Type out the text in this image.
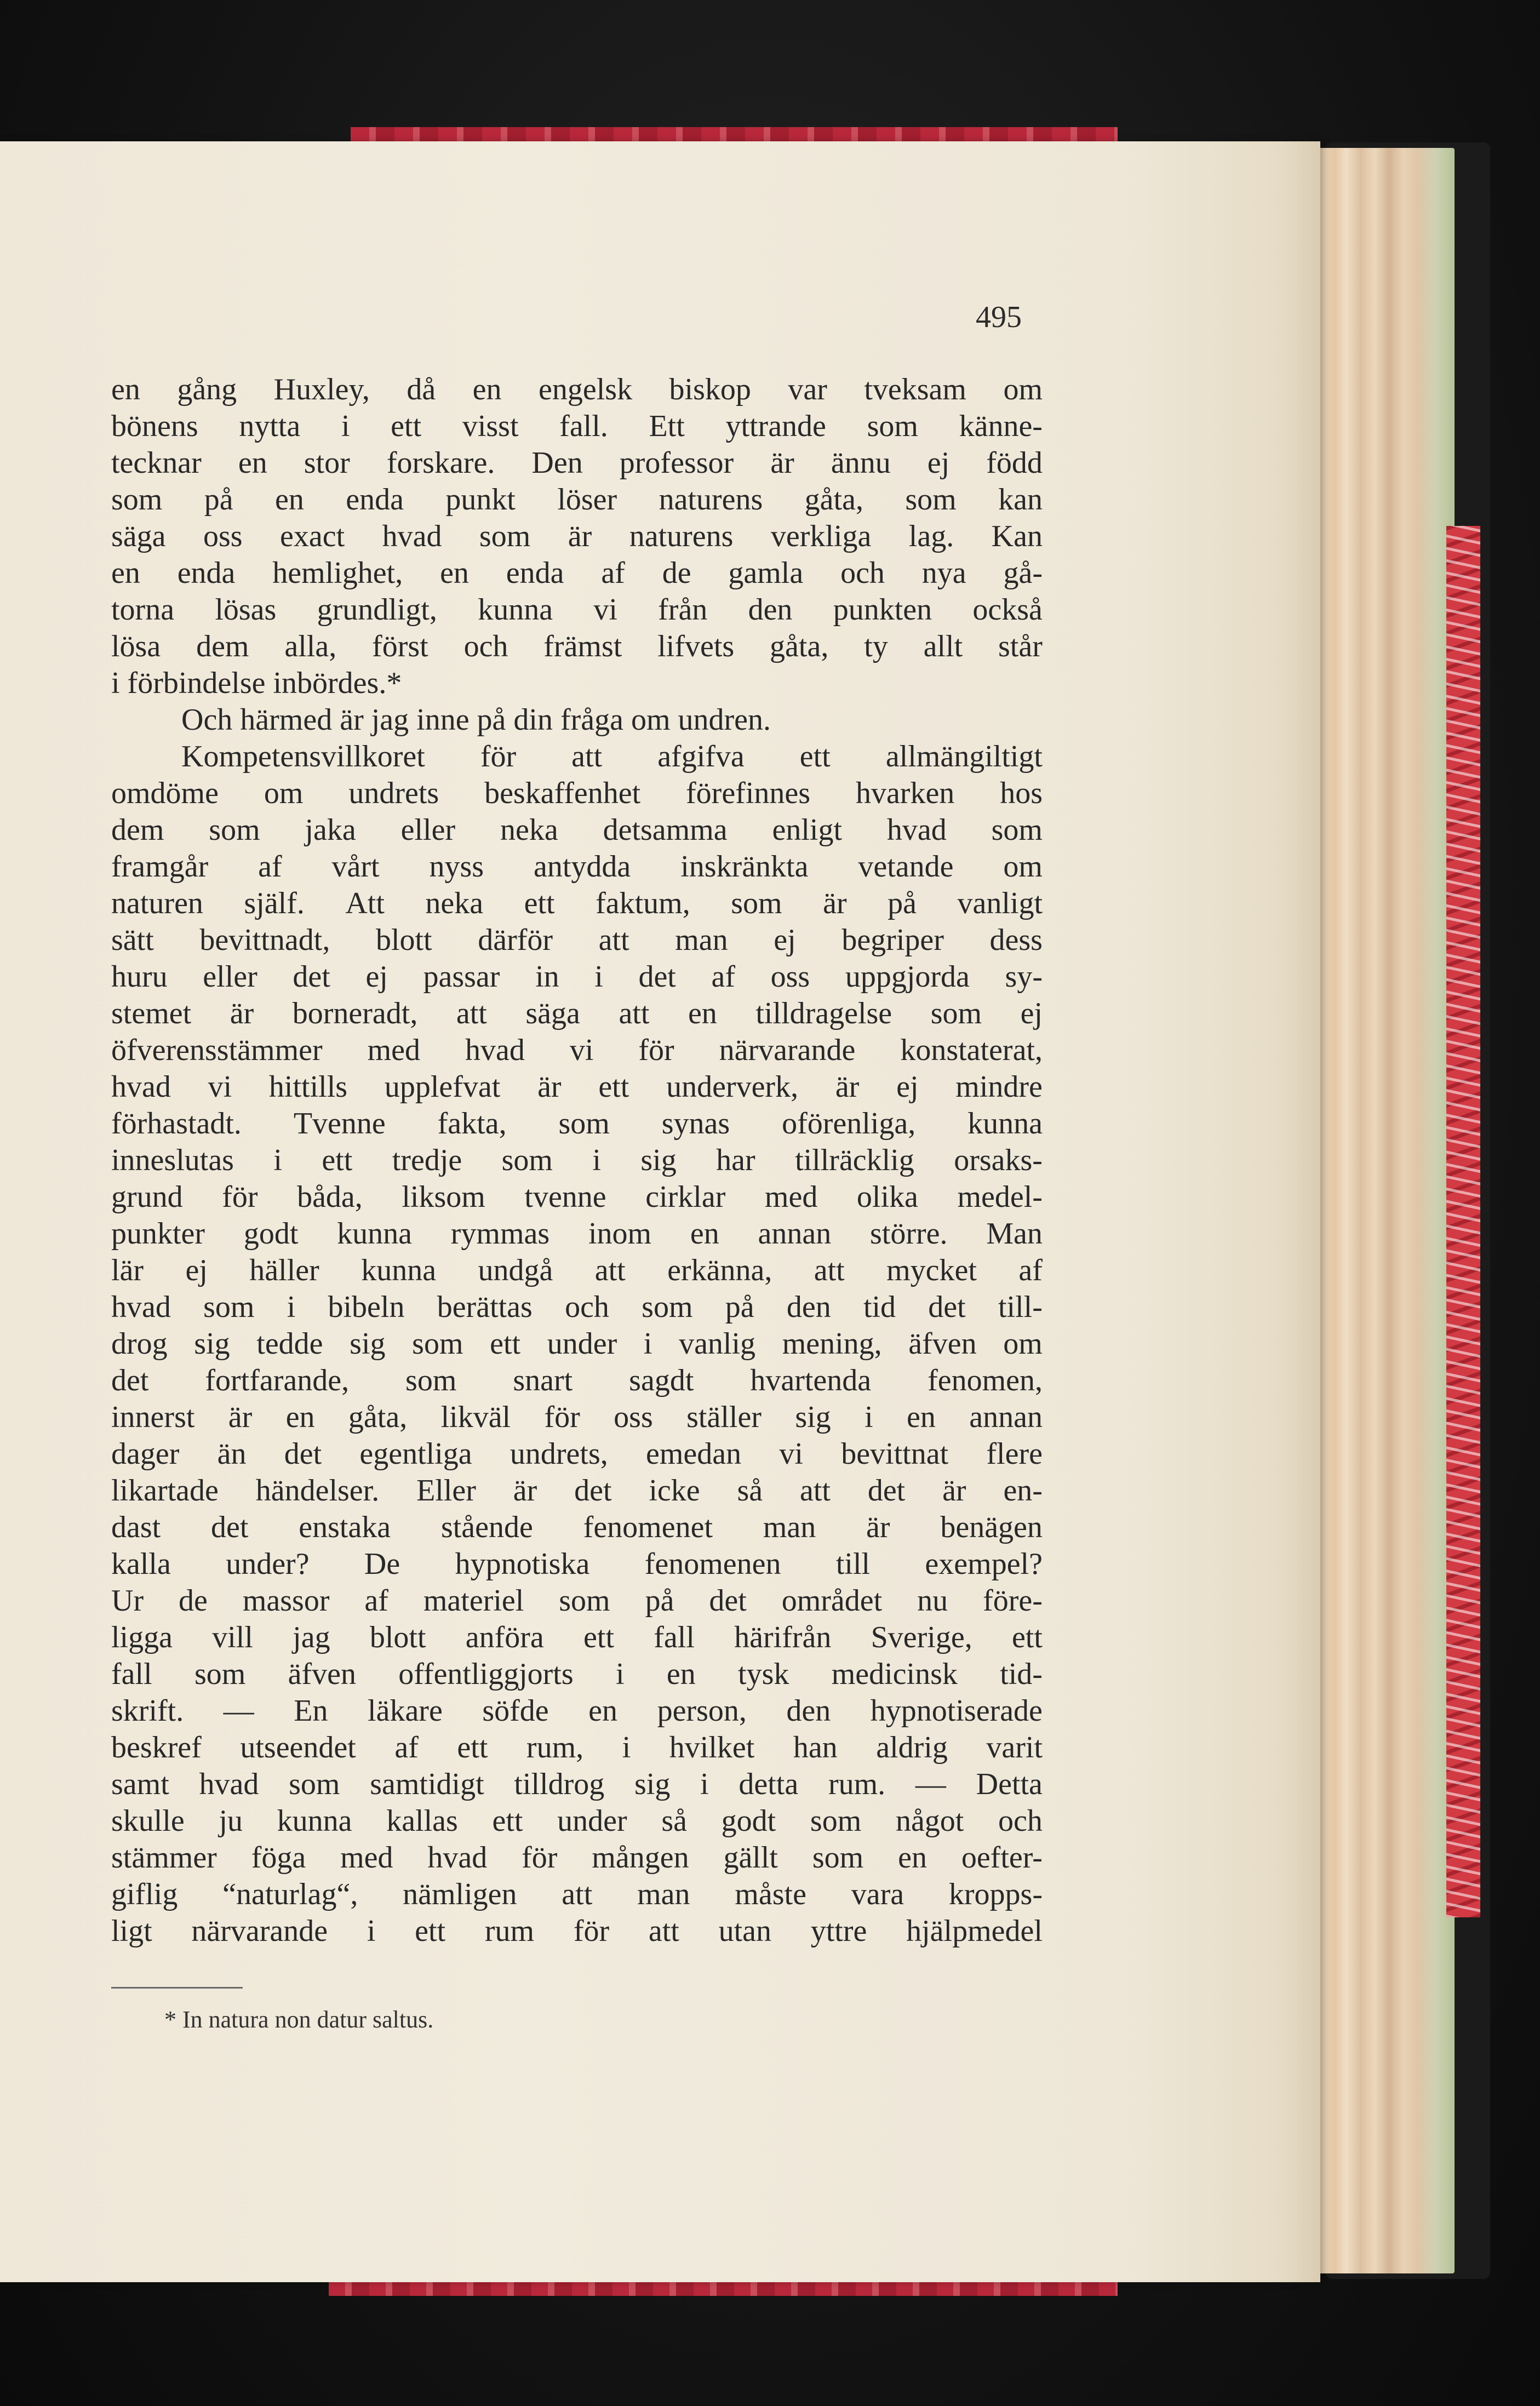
495
en gång Huxley, då en engelsk biskop var tveksam om
bönens nytta i ett visst fall. Ett yttrande som känne-
tecknar en stor forskare. Den professor är ännu ej född
som på en enda punkt löser naturens gåta, som kan
säga oss exact hvad som är naturens verkliga lag. Kan
en enda hemlighet, en enda af de gamla och nya gå-
torna lösas grundligt, kunna vi från den punkten också
lösa dem alla, först och främst lifvets gåta, ty allt står
i förbindelse inbördes.*
Och härmed är jag inne på din fråga om undren.
Kompetensvillkoret för att afgifva ett allmängiltigt
omdöme om undrets beskaffenhet förefinnes hvarken hos
dem som jaka eller neka detsamma enligt hvad som
framgår af vårt nyss antydda inskränkta vetande om
naturen själf. Att neka ett faktum, som är på vanligt
sätt bevittnadt, blott därför att man ej begriper dess
huru eller det ej passar in i det af oss uppgjorda sy-
stemet är borneradt, att säga att en tilldragelse som ej
öfverensstämmer med hvad vi för närvarande konstaterat,
hvad vi hittills upplefvat är ett underverk, är ej mindre
förhastadt. Tvenne fakta, som synas oförenliga, kunna
inneslutas i ett tredje som i sig har tillräcklig orsaks-
grund för båda, liksom tvenne cirklar med olika medel-
punkter godt kunna rymmas inom en annan större. Man
lär ej häller kunna undgå att erkänna, att mycket af
hvad som i bibeln berättas och som på den tid det till-
drog sig tedde sig som ett under i vanlig mening, äfven om
det fortfarande, som snart sagdt hvartenda fenomen,
innerst är en gåta, likväl för oss ställer sig i en annan
dager än det egentliga undrets, emedan vi bevittnat flere
likartade händelser. Eller är det icke så att det är en-
dast det enstaka stående fenomenet man är benägen
kalla under? De hypnotiska fenomenen till exempel?
Ur de massor af materiel som på det området nu före-
ligga vill jag blott anföra ett fall härifrån Sverige, ett
fall som äfven offentliggjorts i en tysk medicinsk tid-
skrift. — En läkare söfde en person, den hypnotiserade
beskref utseendet af ett rum, i hvilket han aldrig varit
samt hvad som samtidigt tilldrog sig i detta rum. — Detta
skulle ju kunna kallas ett under så godt som något och
stämmer föga med hvad för mången gällt som en oefter-
giflig “naturlag“, nämligen att man måste vara kropps-
ligt närvarande i ett rum för att utan yttre hjälpmedel
* In natura non datur saltus.
